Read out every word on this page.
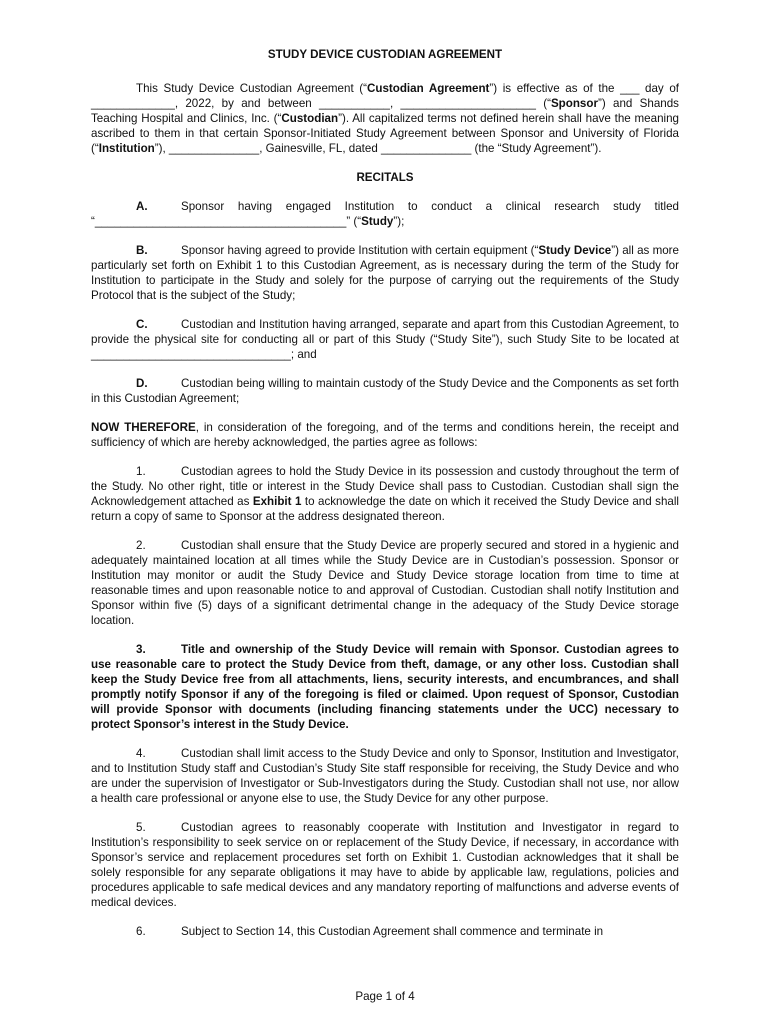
STUDY DEVICE CUSTODIAN AGREEMENT

This Study Device Custodian Agreement (“Custodian Agreement”) is effective as of the ___ day of _____________, 2022, by and between ___________, _____________________ (“Sponsor”) and Shands Teaching Hospital and Clinics, Inc. (“Custodian”). All capitalized terms not defined herein shall have the meaning ascribed to them in that certain Sponsor-Initiated Study Agreement between Sponsor and University of Florida (“Institution”), ______________, Gainesville, FL, dated ______________ (the “Study Agreement”).

RECITALS

A.	Sponsor having engaged Institution to conduct a clinical research study titled “_______________________________________” (“Study”);

B.	Sponsor having agreed to provide Institution with certain equipment (“Study Device”) all as more particularly set forth on Exhibit 1 to this Custodian Agreement, as is necessary during the term of the Study for Institution to participate in the Study and solely for the purpose of carrying out the requirements of the Study Protocol that is the subject of the Study;

C.	Custodian and Institution having arranged, separate and apart from this Custodian Agreement, to provide the physical site for conducting all or part of this Study (“Study Site”), such Study Site to be located at _______________________________; and

D.	Custodian being willing to maintain custody of the Study Device and the Components as set forth in this Custodian Agreement;

NOW THEREFORE, in consideration of the foregoing, and of the terms and conditions herein, the receipt and sufficiency of which are hereby acknowledged, the parties agree as follows:

1.	Custodian agrees to hold the Study Device in its possession and custody throughout the term of the Study. No other right, title or interest in the Study Device shall pass to Custodian. Custodian shall sign the Acknowledgement attached as Exhibit 1 to acknowledge the date on which it received the Study Device and shall return a copy of same to Sponsor at the address designated thereon.

2.	Custodian shall ensure that the Study Device are properly secured and stored in a hygienic and adequately maintained location at all times while the Study Device are in Custodian’s possession. Sponsor or Institution may monitor or audit the Study Device and Study Device storage location from time to time at reasonable times and upon reasonable notice to and approval of Custodian. Custodian shall notify Institution and Sponsor within five (5) days of a significant detrimental change in the adequacy of the Study Device storage location.

3.	Title and ownership of the Study Device will remain with Sponsor. Custodian agrees to use reasonable care to protect the Study Device from theft, damage, or any other loss. Custodian shall keep the Study Device free from all attachments, liens, security interests, and encumbrances, and shall promptly notify Sponsor if any of the foregoing is filed or claimed. Upon request of Sponsor, Custodian will provide Sponsor with documents (including financing statements under the UCC) necessary to protect Sponsor’s interest in the Study Device.

4.	Custodian shall limit access to the Study Device and only to Sponsor, Institution and Investigator, and to Institution Study staff and Custodian’s Study Site staff responsible for receiving, the Study Device and who are under the supervision of Investigator or Sub-Investigators during the Study. Custodian shall not use, nor allow a health care professional or anyone else to use, the Study Device for any other purpose.

5.	Custodian agrees to reasonably cooperate with Institution and Investigator in regard to Institution’s responsibility to seek service on or replacement of the Study Device, if necessary, in accordance with Sponsor’s service and replacement procedures set forth on Exhibit 1. Custodian acknowledges that it shall be solely responsible for any separate obligations it may have to abide by applicable law, regulations, policies and procedures applicable to safe medical devices and any mandatory reporting of malfunctions and adverse events of medical devices.

6.	Subject to Section 14, this Custodian Agreement shall commence and terminate in

Page 1 of 4
